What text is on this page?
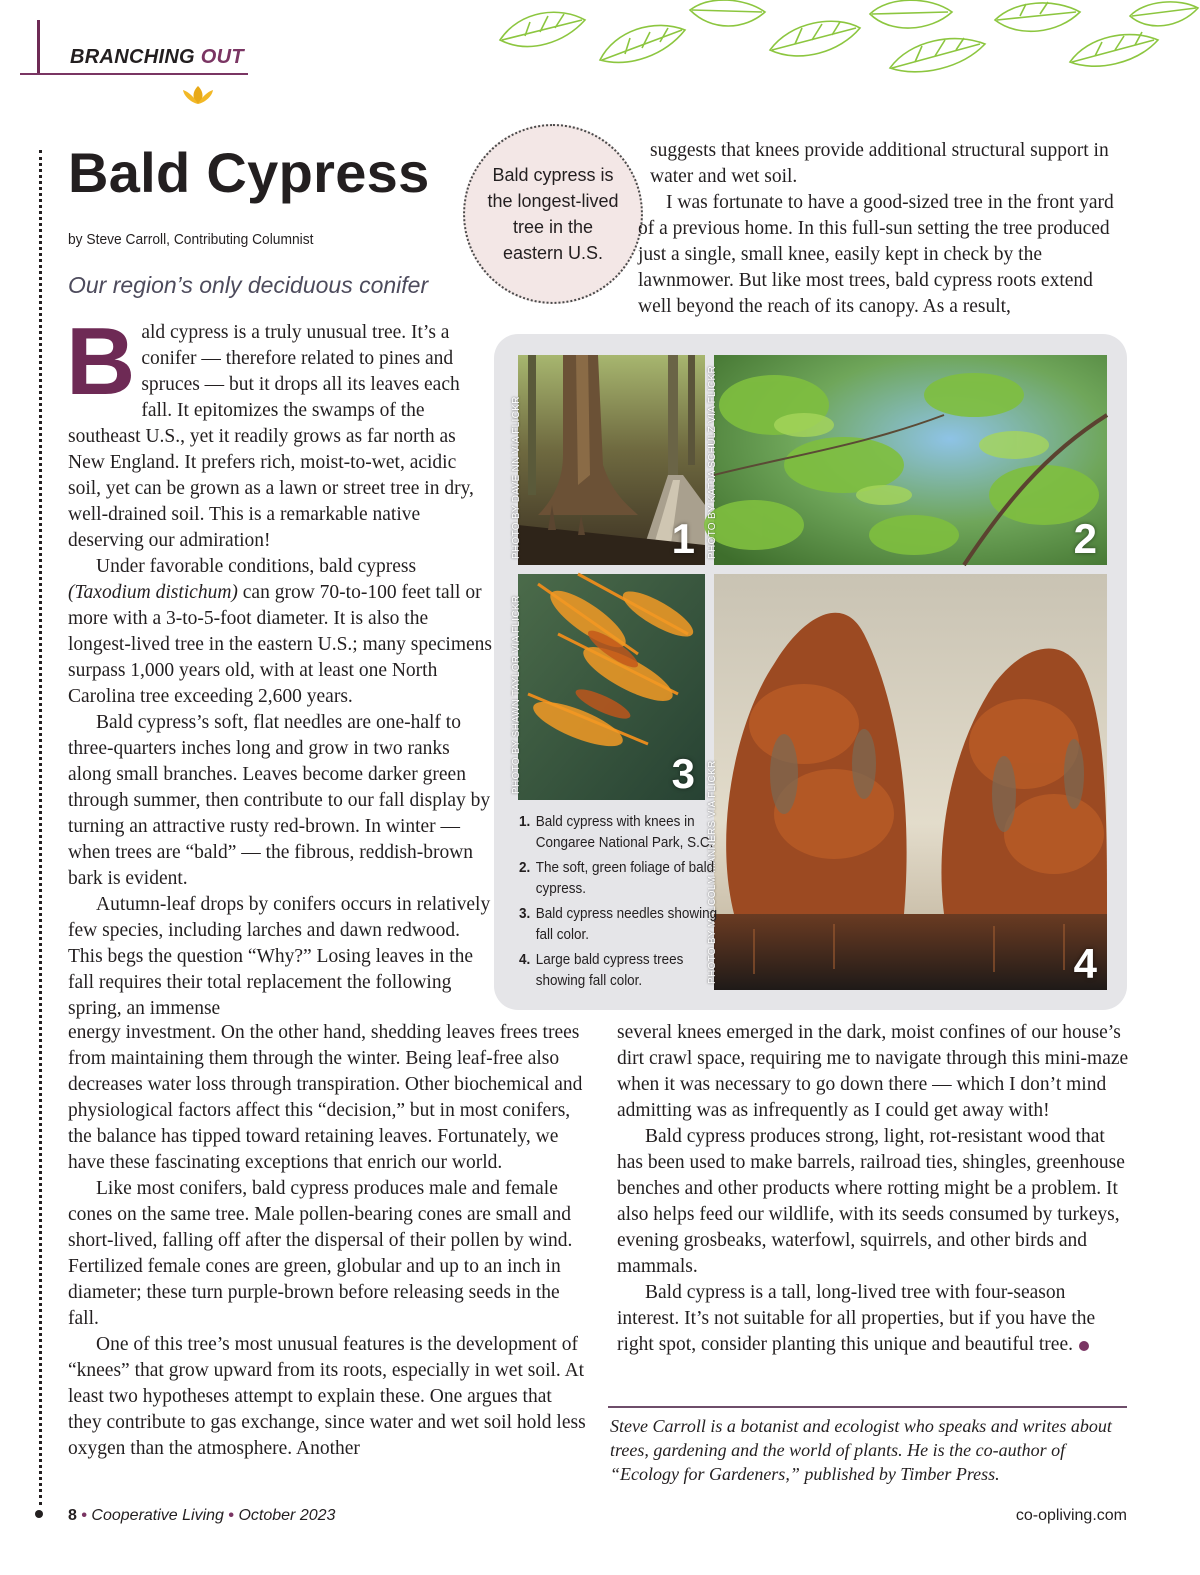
BRANCHING OUT
Bald Cypress
by Steve Carroll, Contributing Columnist
Our region’s only deciduous conifer
Bald cypress is the longest-lived tree in the eastern U.S.

suggests that knees provide additional structural support in water and wet soil.

I was fortunate to have a good-sized tree in the front yard of a previous home. In this full-sun setting the tree produced just a single, small knee, easily kept in check by the lawnmower. But like most trees, bald cypress roots extend well beyond the reach of its canopy. As a result,

Bald cypress is a truly unusual tree. It’s a conifer — therefore related to pines and spruces — but it drops all its leaves each fall. It epitomizes the swamps of the southeast U.S., yet it readily grows as far north as New England. It prefers rich, moist-to-wet, acidic soil, yet can be grown as a lawn or street tree in dry, well-drained soil. This is a remarkable native deserving our admiration!

Under favorable conditions, bald cypress (Taxodium distichum) can grow 70-to-100 feet tall or more with a 3-to-5-foot diameter. It is also the longest-lived tree in the eastern U.S.; many specimens surpass 1,000 years old, with at least one North Carolina tree exceeding 2,600 years.

Bald cypress’s soft, flat needles are one-half to three-quarters inches long and grow in two ranks along small branches. Leaves become darker green through summer, then contribute to our fall display by turning an attractive rusty red-brown. In winter — when trees are “bald” — the fibrous, reddish-brown bark is evident.

Autumn-leaf drops by conifers occurs in relatively few species, including larches and dawn redwood. This begs the question “Why?” Losing leaves in the fall requires their total replacement the following spring, an immense

energy investment. On the other hand, shedding leaves frees trees from maintaining them through the winter. Being leaf-free also decreases water loss through transpiration. Other biochemical and physiological factors affect this “decision,” but in most conifers, the balance has tipped toward retaining leaves. Fortunately, we have these fascinating exceptions that enrich our world.

Like most conifers, bald cypress produces male and female cones on the same tree. Male pollen-bearing cones are small and short-lived, falling off after the dispersal of their pollen by wind. Fertilized female cones are green, globular and up to an inch in diameter; these turn purple-brown before releasing seeds in the fall.

One of this tree’s most unusual features is the development of “knees” that grow upward from its roots, especially in wet soil. At least two hypotheses attempt to explain these. One argues that they contribute to gas exchange, since water and wet soil hold less oxygen than the atmosphere. Another

several knees emerged in the dark, moist confines of our house’s dirt crawl space, requiring me to navigate through this mini-maze when it was necessary to go down there — which I don’t mind admitting was as infrequently as I could get away with!

Bald cypress produces strong, light, rot-resistant wood that has been used to make barrels, railroad ties, shingles, greenhouse benches and other products where rotting might be a problem. It also helps feed our wildlife, with its seeds consumed by turkeys, evening grosbeaks, waterfowl, squirrels, and other birds and mammals.

Bald cypress is a tall, long-lived tree with four-season interest. It’s not suitable for all properties, but if you have the right spot, consider planting this unique and beautiful tree.

PHOTO BY DAVE NN VIA FLICKR	1 PHOTO BY KATJA SCHULZ VIA FLICKR	2
PHOTO BY SHAWN TAYLOR VIA FLICKR	3 PHOTO BY MALCOLM MANNERS VIA FLICKR	4
1. Bald cypress with knees in Congaree National Park, S.C.
2. The soft, green foliage of bald cypress.
3. Bald cypress needles showing fall color.
4. Large bald cypress trees showing fall color.
Steve Carroll is a botanist and ecologist who speaks and writes about trees, gardening and the world of plants. He is the co-author of “Ecology for Gardeners,” published by Timber Press.
8 • Cooperative Living • October 2023	co-opliving.com
